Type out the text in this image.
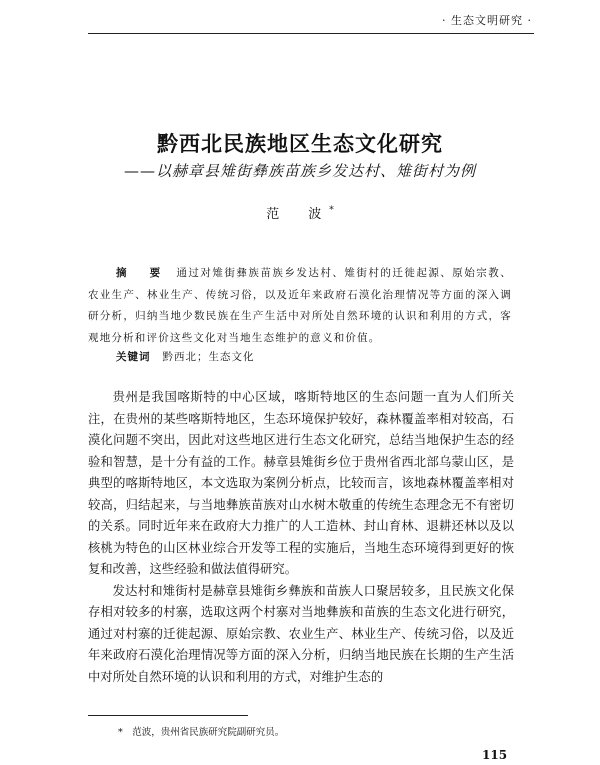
· 生态文明研究 ·
黔西北民族地区生态文化研究
——以赫章县雉街彝族苗族乡发达村、雉街村为例
范　波*
摘　要 通过对雉街彝族苗族乡发达村、雉街村的迁徙起源、原始宗教、农业生产、林业生产、传统习俗，以及近年来政府石漠化治理情况等方面的深入调研分析，归纳当地少数民族在生产生活中对所处自然环境的认识和利用的方式，客观地分析和评价这些文化对当地生态维护的意义和价值。
关键词 黔西北；生态文化

贵州是我国喀斯特的中心区域，喀斯特地区的生态问题一直为人们所关注，在贵州的某些喀斯特地区，生态环境保护较好，森林覆盖率相对较高，石漠化问题不突出，因此对这些地区进行生态文化研究，总结当地保护生态的经验和智慧，是十分有益的工作。赫章县雉街乡位于贵州省西北部乌蒙山区，是典型的喀斯特地区，本文选取为案例分析点，比较而言，该地森林覆盖率相对较高，归结起来，与当地彝族苗族对山水树木敬重的传统生态理念无不有密切的关系。同时近年来在政府大力推广的人工造林、封山育林、退耕还林以及以核桃为特色的山区林业综合开发等工程的实施后，当地生态环境得到更好的恢复和改善，这些经验和做法值得研究。

发达村和雉街村是赫章县雉街乡彝族和苗族人口聚居较多，且民族文化保存相对较多的村寨，选取这两个村寨对当地彝族和苗族的生态文化进行研究，通过对村寨的迁徙起源、原始宗教、农业生产、林业生产、传统习俗，以及近年来政府石漠化治理情况等方面的深入分析，归纳当地民族在长期的生产生活中对所处自然环境的认识和利用的方式，对维护生态的

*　范波，贵州省民族研究院副研究员。
115
